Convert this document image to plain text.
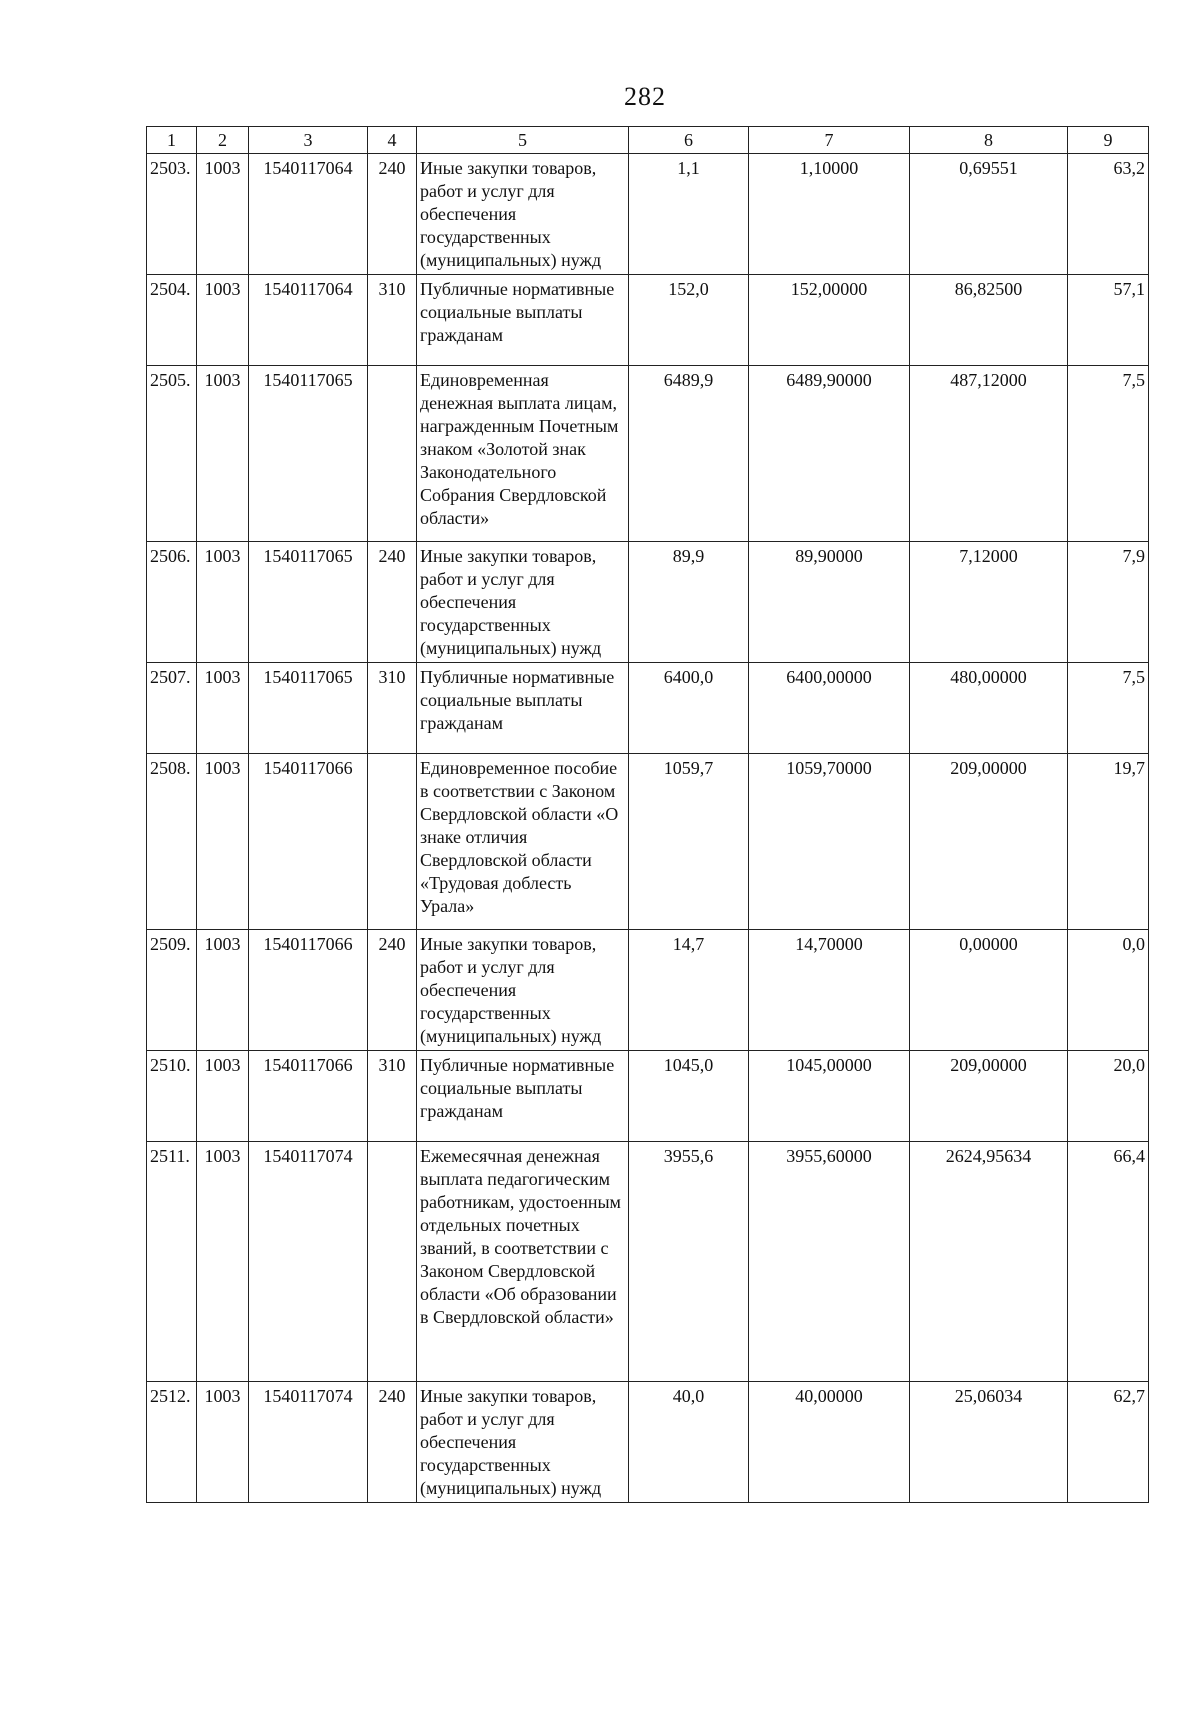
282
1	2	3	4	5	6	7	8	9
2503.	1003	1540117064	240	Иные закупки товаров, работ и услуг для обеспечения государственных (муниципальных) нужд	1,1	1,10000	0,69551	63,2
2504.	1003	1540117064	310	Публичные нормативные социальные выплаты гражданам	152,0	152,00000	86,82500	57,1
2505.	1003	1540117065		Единовременная денежная выплата лицам, награжденным Почетным знаком «Золотой знак Законодательного Собрания Свердловской области»	6489,9	6489,90000	487,12000	7,5
2506.	1003	1540117065	240	Иные закупки товаров, работ и услуг для обеспечения государственных (муниципальных) нужд	89,9	89,90000	7,12000	7,9
2507.	1003	1540117065	310	Публичные нормативные социальные выплаты гражданам	6400,0	6400,00000	480,00000	7,5
2508.	1003	1540117066		Единовременное пособие в соответствии с Законом Свердловской области «О знаке отличия Свердловской области «Трудовая доблесть Урала»	1059,7	1059,70000	209,00000	19,7
2509.	1003	1540117066	240	Иные закупки товаров, работ и услуг для обеспечения государственных (муниципальных) нужд	14,7	14,70000	0,00000	0,0
2510.	1003	1540117066	310	Публичные нормативные социальные выплаты гражданам	1045,0	1045,00000	209,00000	20,0
2511.	1003	1540117074		Ежемесячная денежная выплата педагогическим работникам, удостоенным отдельных почетных званий, в соответствии с Законом Свердловской области «Об образовании в Свердловской области»	3955,6	3955,60000	2624,95634	66,4
2512.	1003	1540117074	240	Иные закупки товаров, работ и услуг для обеспечения государственных (муниципальных) нужд	40,0	40,00000	25,06034	62,7
